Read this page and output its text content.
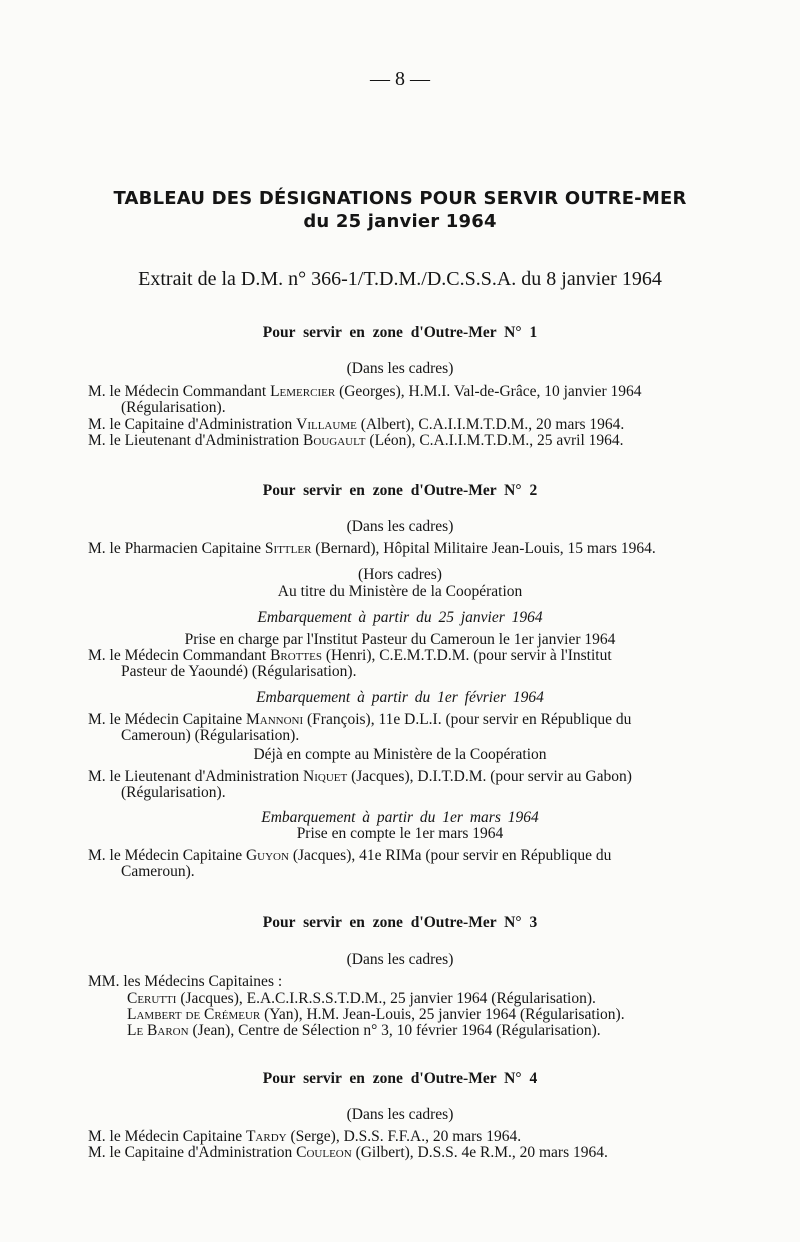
— 8 —
TABLEAU DES DÉSIGNATIONS POUR SERVIR OUTRE-MER
du 25 janvier 1964
Extrait de la D.M. n° 366-1/T.D.M./D.C.S.S.A. du 8 janvier 1964
Pour servir en zone d'Outre-Mer N° 1
(Dans les cadres)
M. le Médecin Commandant Lemercier (Georges), H.M.I. Val-de-Grâce, 10 janvier 1964
(Régularisation).
M. le Capitaine d'Administration Villaume (Albert), C.A.I.I.M.T.D.M., 20 mars 1964.
M. le Lieutenant d'Administration Bougault (Léon), C.A.I.I.M.T.D.M., 25 avril 1964.
Pour servir en zone d'Outre-Mer N° 2
(Dans les cadres)
M. le Pharmacien Capitaine Sittler (Bernard), Hôpital Militaire Jean-Louis, 15 mars 1964.
(Hors cadres)
Au titre du Ministère de la Coopération
Embarquement à partir du 25 janvier 1964
Prise en charge par l'Institut Pasteur du Cameroun le 1er janvier 1964
M. le Médecin Commandant Brottes (Henri), C.E.M.T.D.M. (pour servir à l'Institut
Pasteur de Yaoundé) (Régularisation).
Embarquement à partir du 1er février 1964
M. le Médecin Capitaine Mannoni (François), 11e D.L.I. (pour servir en République du
Cameroun) (Régularisation).
Déjà en compte au Ministère de la Coopération
M. le Lieutenant d'Administration Niquet (Jacques), D.I.T.D.M. (pour servir au Gabon)
(Régularisation).
Embarquement à partir du 1er mars 1964
Prise en compte le 1er mars 1964
M. le Médecin Capitaine Guyon (Jacques), 41e RIMa (pour servir en République du
Cameroun).
Pour servir en zone d'Outre-Mer N° 3
(Dans les cadres)
MM. les Médecins Capitaines :
Cerutti (Jacques), E.A.C.I.R.S.S.T.D.M., 25 janvier 1964 (Régularisation).
Lambert de Crémeur (Yan), H.M. Jean-Louis, 25 janvier 1964 (Régularisation).
Le Baron (Jean), Centre de Sélection n° 3, 10 février 1964 (Régularisation).
Pour servir en zone d'Outre-Mer N° 4
(Dans les cadres)
M. le Médecin Capitaine Tardy (Serge), D.S.S. F.F.A., 20 mars 1964.
M. le Capitaine d'Administration Couleon (Gilbert), D.S.S. 4e R.M., 20 mars 1964.
